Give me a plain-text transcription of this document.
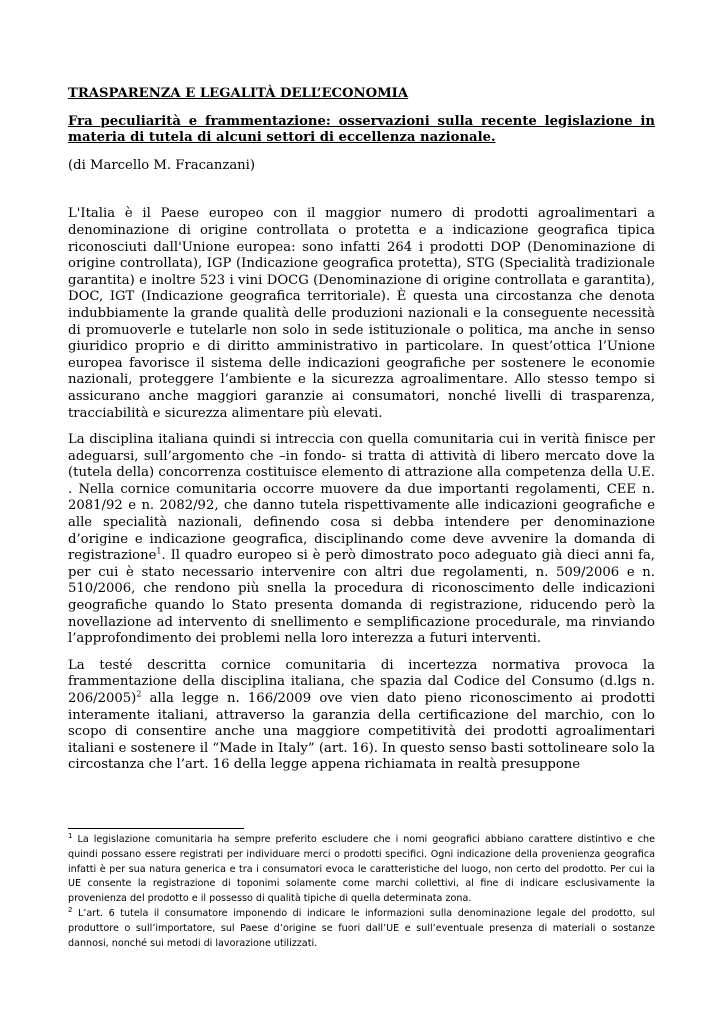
TRASPARENZA E LEGALITÀ DELL’ECONOMIA
Fra peculiarità e frammentazione: osservazioni sulla recente legislazione in materia di tutela di alcuni settori di eccellenza nazionale.

(di Marcello M. Fracanzani)

L'Italia è il Paese europeo con il maggior numero di prodotti agroalimentari a denominazione di origine controllata o protetta e a indicazione geografica tipica riconosciuti dall'Unione europea: sono infatti 264 i prodotti DOP (Denominazione di origine controllata), IGP (Indicazione geografica protetta), STG (Specialità tradizionale garantita) e inoltre 523 i vini DOCG (Denominazione di origine controllata e garantita), DOC, IGT (Indicazione geografica territoriale). È questa una circostanza che denota indubbiamente la grande qualità delle produzioni nazionali e la conseguente necessità di promuoverle e tutelarle non solo in sede istituzionale o politica, ma anche in senso giuridico proprio e di diritto amministrativo in particolare. In quest’ottica l’Unione europea favorisce il sistema delle indicazioni geografiche per sostenere le economie nazionali, proteggere l’ambiente e la sicurezza agroalimentare. Allo stesso tempo si assicurano anche maggiori garanzie ai consumatori, nonché livelli di trasparenza, tracciabilità e sicurezza alimentare più elevati.

La disciplina italiana quindi si intreccia con quella comunitaria cui in verità finisce per adeguarsi, sull’argomento che –in fondo- si tratta di attività di libero mercato dove la (tutela della) concorrenza costituisce elemento di attrazione alla competenza della U.E. . Nella cornice comunitaria occorre muovere da due importanti regolamenti, CEE n. 2081/92 e n. 2082/92, che danno tutela rispettivamente alle indicazioni geografiche e alle specialità nazionali, definendo cosa si debba intendere per denominazione d’origine e indicazione geografica, disciplinando come deve avvenire la domanda di registrazione$^1$. Il quadro europeo si è però dimostrato poco adeguato già dieci anni fa, per cui è stato necessario intervenire con altri due regolamenti, n. 509/2006 e n. 510/2006, che rendono più snella la procedura di riconoscimento delle indicazioni geografiche quando lo Stato presenta domanda di registrazione, riducendo però la novellazione ad intervento di snellimento e semplificazione procedurale, ma rinviando l’approfondimento dei problemi nella loro interezza a futuri interventi.

La testé descritta cornice comunitaria di incertezza normativa provoca la frammentazione della disciplina italiana, che spazia dal Codice del Consumo (d.lgs n. 206/2005)$^2$ alla legge n. 166/2009 ove vien dato pieno riconoscimento ai prodotti interamente italiani, attraverso la garanzia della certificazione del marchio, con lo scopo di consentire anche una maggiore competitività dei prodotti agroalimentari italiani e sostenere il “Made in Italy” (art. 16). In questo senso basti sottolineare solo la circostanza che l’art. 16 della legge appena richiamata in realtà presuppone

$^1$ La legislazione comunitaria ha sempre preferito escludere che i nomi geografici abbiano carattere distintivo e che quindi possano essere registrati per individuare merci o prodotti specifici. Ogni indicazione della provenienza geografica infatti è per sua natura generica e tra i consumatori evoca le caratteristiche del luogo, non certo del prodotto. Per cui la UE consente la registrazione di toponimi solamente come marchi collettivi, al fine di indicare esclusivamente la provenienza del prodotto e il possesso di qualità tipiche di quella determinata zona.

$^2$ L’art. 6 tutela il consumatore imponendo di indicare le informazioni sulla denominazione legale del prodotto, sul produttore o sull’importatore, sul Paese d’origine se fuori dall’UE e sull’eventuale presenza di materiali o sostanze dannosi, nonché sui metodi di lavorazione utilizzati.
